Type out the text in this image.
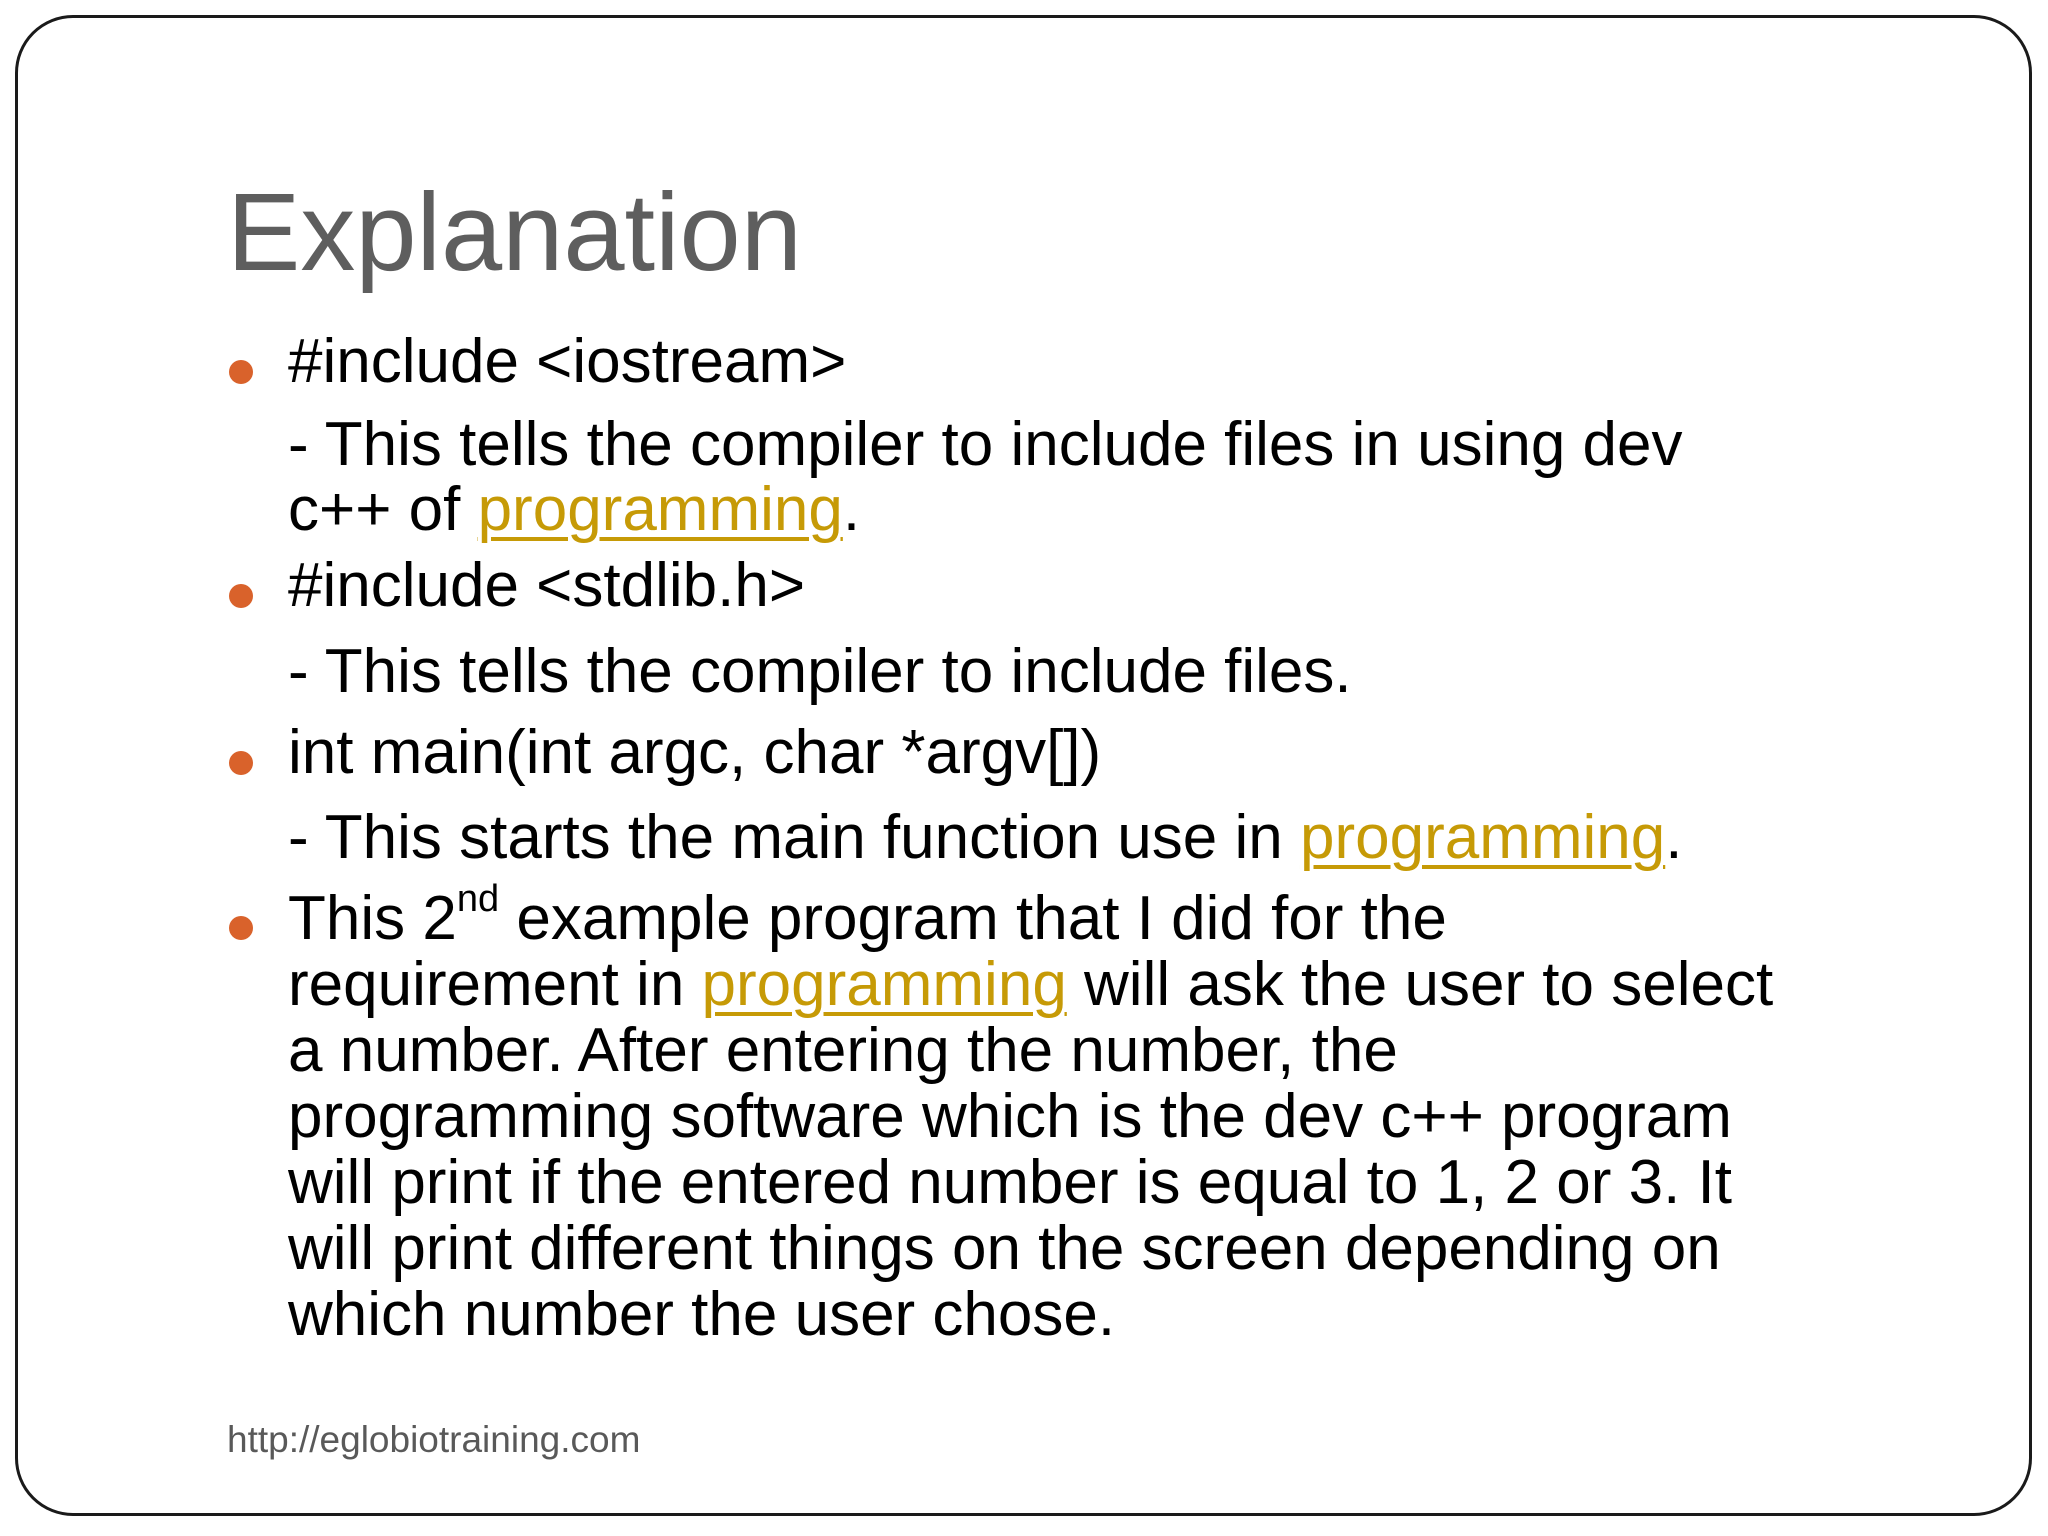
Explanation
#include <iostream>
- This tells the compiler to include files in using dev
c++ of programming.
#include <stdlib.h>
- This tells the compiler to include files.
int main(int argc, char *argv[])
- This starts the main function use in programming.
This 2nd example program that I did for the
requirement in programming will ask the user to select
a number. After entering the number, the
programming software which is the dev c++ program
will print if the entered number is equal to 1, 2 or 3. It
will print different things on the screen depending on
which number the user chose.
http://eglobiotraining.com
